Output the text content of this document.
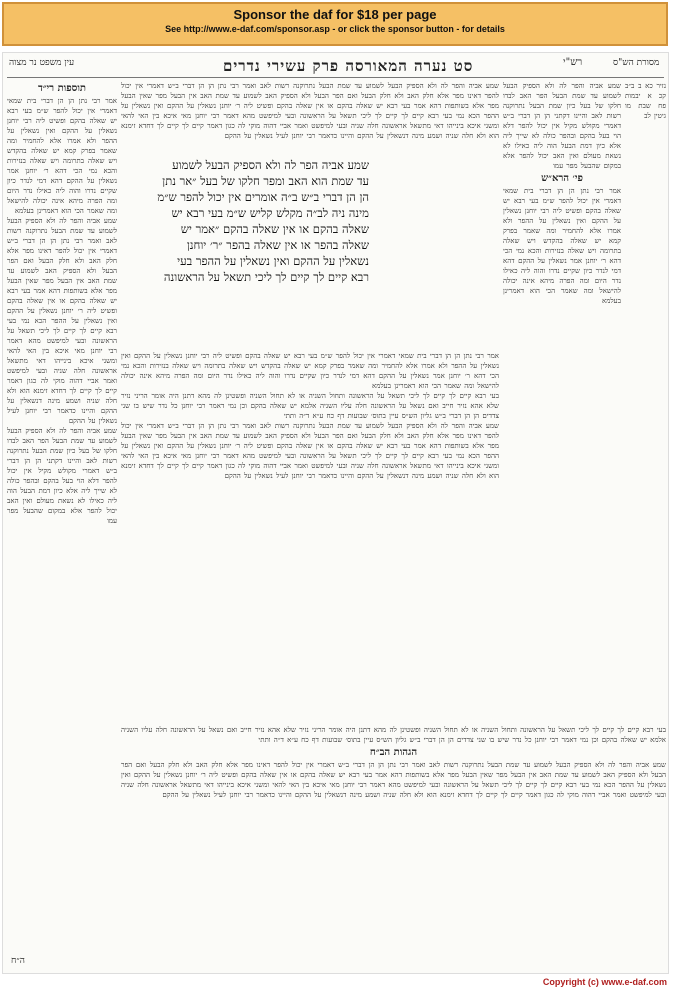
Sponsor the daf for $18 per page
See http://www.e-daf.com/sponsor.asp - or click the sponsor button - for details
עין משפט נר מצוה	סט נערה המאורסה פרק עשירי נדרים	רש"י	מסורת הש"ס
תוספות רי״ד

אמר רבי נתן הן הן דברי בית שמאי דאמרי אין יכול להפר ש״מ בעי רבא יש שאלה בהקם ופשיט ליה רבי יוחנן נשאלין על ההקם ואין נשאלין על ההפר ולא אמרו אלא להחמיר ומה שאמר בפרק קמא יש שאלה בהקדש ויש שאלה בתרומה ויש שאלה בנזירות והכא נמי הכי דהא ר׳ יוחנן אמר נשאלין על ההקם דהא דמי לנדר כיון שקיים נדרו והוה ליה כאילו נדר היום ומה הפרה מיהא אינה יכולה להישאל ומה שאמר הכי הוא דאמרינן בעלמא

שמע אביה והפר לה ולא הספיק הבעל לשמוע עד שמת הבעל נתרוקנה רשות לאב ואמר רבי נתן הן הן דברי ב״ש דאמרי אין יכול להפר דאינו מפר אלא חלק האב ולא חלק הבעל ואם הפר הבעל ולא הספיק האב לשמוע עד שמת האב אין הבעל מפר שאין הבעל מפר אלא בשותפות דהא אמר בעי רבא יש שאלה בהקם או אין שאלה בהקם ופשיט ליה ר׳ יוחנן נשאלין על ההקם ואין נשאלין על ההפר הכא נמי בעי רבא קיים לך קיים לך ליכי תשאל על הראשונה ובעי למיפשט מהא דאמר רבי יוחנן מאי איכא בין האי להאי ומשני איכא בינייהו דאי מתשאל אראשונה חלה שניה ובעי למיפשט ואמר אביי דהוה מוקי לה כגון דאמר קיים לך קיים לך דחדא זימנא הוא ולא חלה שניה ושמע מינה דנשאלין על ההקם והיינו כדאמר רבי יוחנן לעיל נשאלין על ההקם

שמע אביה והפר לה ולא הספיק הבעל לשמוע עד שמת הבעל הפר האב לבדו חלקו של בעל כיון שמת הבעל נתרוקנה רשות לאב והיינו דקתני הן הן דברי ב״ש דאמרי מקולש מקיל אין יכול להפר דלא הוי בעל בהקם ובהפר כולה לא שייך ליה אלא כיון דמת הבעל הוה ליה כאילו לא נשאת מעולם ואין האב יכול להפר אלא במקום שהבעל מפר עמו

שמע אביה והפר לה ולא הספיק הבעל לשמוע עד שמת הבעל נתרוקנה רשות לאב ואמר רבי נתן הן הן דברי ב״ש דאמרי אין יכול להפר דאינו מפר אלא חלק האב ולא חלק הבעל ואם הפר הבעל ולא הספיק האב לשמוע עד שמת האב אין הבעל מפר שאין הבעל מפר אלא בשותפות דהא אמר בעי רבא יש שאלה בהקם או אין שאלה בהקם ופשיט ליה ר׳ יוחנן נשאלין על ההקם ואין נשאלין על ההפר הכא נמי בעי רבא קיים לך קיים לך ליכי תשאל על הראשונה ובעי למיפשט מהא דאמר רבי יוחנן מאי איכא בין האי להאי ומשני איכא בינייהו דאי מתשאל אראשונה חלה שניה ובעי למיפשט ואמר אביי דהוה מוקי לה כגון דאמר קיים לך קיים לך דחדא זימנא הוא ולא חלה שניה ושמע מינה דנשאלין על ההקם והיינו כדאמר רבי יוחנן לעיל נשאלין על ההקם

אמר רבי נתן הן הן דברי בית שמאי דאמרי אין יכול להפר ש״מ בעי רבא יש שאלה בהקם ופשיט ליה רבי יוחנן נשאלין על ההקם ואין נשאלין על ההפר ולא אמרו אלא להחמיר ומה שאמר בפרק קמא יש שאלה בהקדש ויש שאלה בתרומה ויש שאלה בנזירות והכא נמי הכי דהא ר׳ יוחנן אמר נשאלין על ההקם דהא דמי לנדר כיון שקיים נדרו והוה ליה כאילו נדר היום ומה הפרה מיהא אינה יכולה להישאל ומה שאמר הכי הוא דאמרינן בעלמא

בעי רבא קיים לך קיים לך ליכי תשאל על הראשונה ותחול השניה או לא תחול השניה ופשטינן לה מהא דתנן היה אומר הריני נזיר שלא אהא נזיר חייב ואם נשאל על הראשונה חלה עליו השניה אלמא יש שאלה בהקם וכן נמי דאמר רבי יוחנן כל נדר שיש בו שני צדדים הן הן דברי ב״ש גליון הש״ס עיין בתוס׳ שבועות דף כח ע״א ד״ה ותתי

שמע אביה והפר לה ולא הספיק הבעל לשמוע עד שמת הבעל נתרוקנה רשות לאב ואמר רבי נתן הן הן דברי ב״ש דאמרי אין יכול להפר דאינו מפר אלא חלק האב ולא חלק הבעל ואם הפר הבעל ולא הספיק האב לשמוע עד שמת האב אין הבעל מפר שאין הבעל מפר אלא בשותפות דהא אמר בעי רבא יש שאלה בהקם או אין שאלה בהקם ופשיט ליה ר׳ יוחנן נשאלין על ההקם ואין נשאלין על ההפר הכא נמי בעי רבא קיים לך קיים לך ליכי תשאל על הראשונה ובעי למיפשט מהא דאמר רבי יוחנן מאי איכא בין האי להאי ומשני איכא בינייהו דאי מתשאל אראשונה חלה שניה ובעי למיפשט ואמר אביי דהוה מוקי לה כגון דאמר קיים לך קיים לך דחדא זימנא הוא ולא חלה שניה ושמע מינה דנשאלין על ההקם והיינו כדאמר רבי יוחנן לעיל נשאלין על ההקם

שמע אביה הפר לה ולא הספיק הבעל לשמוע עד שמת הוא האב ומפר חלקו של בעל ״אר נתן הן הן דברי ב״ש ב״ה אומרים אין יכול להפר ש״מ מינה ניה לב״ה מקלש קליש ש״מ בעי רבא יש שאלה בהקם או אין שאלה בהקם ״אמר יש שאלה בהפר או אין שאלה בהפר ״ר׳ יוחנן נשאלין על ההקם ואין נשאלין על ההפר בעי רבא קיים לך קיים לך ליכי תשאל על הראשונה

שמע אביה והפר לה ולא הספיק הבעל לשמוע עד שמת הבעל הפר האב לבדו חלקו של בעל כיון שמת הבעל נתרוקנה רשות לאב והיינו דקתני הן הן דברי ב״ש דאמרי מקולש מקיל אין יכול להפר דלא הוי בעל בהקם ובהפר כולה לא שייך ליה אלא כיון דמת הבעל הוה ליה כאילו לא נשאת מעולם ואין האב יכול להפר אלא במקום שהבעל מפר עמו

פי׳ הרא״ש

אמר רבי נתן הן הן דברי בית שמאי דאמרי אין יכול להפר ש״מ בעי רבא יש שאלה בהקם ופשיט ליה רבי יוחנן נשאלין על ההקם ואין נשאלין על ההפר ולא אמרו אלא להחמיר ומה שאמר בפרק קמא יש שאלה בהקדש ויש שאלה בתרומה ויש שאלה בנזירות והכא נמי הכי דהא ר׳ יוחנן אמר נשאלין על ההקם דהא דמי לנדר כיון שקיים נדרו והוה ליה כאילו נדר היום ומה הפרה מיהא אינה יכולה להישאל ומה שאמר הכי הוא דאמרינן בעלמא

נזיר כא ב ב״ב קכ א יבמות פח שבת מו גיטין לב

בעי רבא קיים לך קיים לך ליכי תשאל על הראשונה ותחול השניה או לא תחול השניה ופשטינן לה מהא דתנן היה אומר הריני נזיר שלא אהא נזיר חייב ואם נשאל על הראשונה חלה עליו השניה אלמא יש שאלה בהקם וכן נמי דאמר רבי יוחנן כל נדר שיש בו שני צדדים הן הן דברי ב״ש גליון הש״ס עיין בתוס׳ שבועות דף כח ע״א ד״ה ותתי

הגהות הב״ח

שמע אביה והפר לה ולא הספיק הבעל לשמוע עד שמת הבעל נתרוקנה רשות לאב ואמר רבי נתן הן הן דברי ב״ש דאמרי אין יכול להפר דאינו מפר אלא חלק האב ולא חלק הבעל ואם הפר הבעל ולא הספיק האב לשמוע עד שמת האב אין הבעל מפר שאין הבעל מפר אלא בשותפות דהא אמר בעי רבא יש שאלה בהקם או אין שאלה בהקם ופשיט ליה ר׳ יוחנן נשאלין על ההקם ואין נשאלין על ההפר הכא נמי בעי רבא קיים לך קיים לך ליכי תשאל על הראשונה ובעי למיפשט מהא דאמר רבי יוחנן מאי איכא בין האי להאי ומשני איכא בינייהו דאי מתשאל אראשונה חלה שניה ובעי למיפשט ואמר אביי דהוה מוקי לה כגון דאמר קיים לך קיים לך דחדא זימנא הוא ולא חלה שניה ושמע מינה דנשאלין על ההקם והיינו כדאמר רבי יוחנן לעיל נשאלין על ההקם

ה״ח
Copyright (c) www.e-daf.com
